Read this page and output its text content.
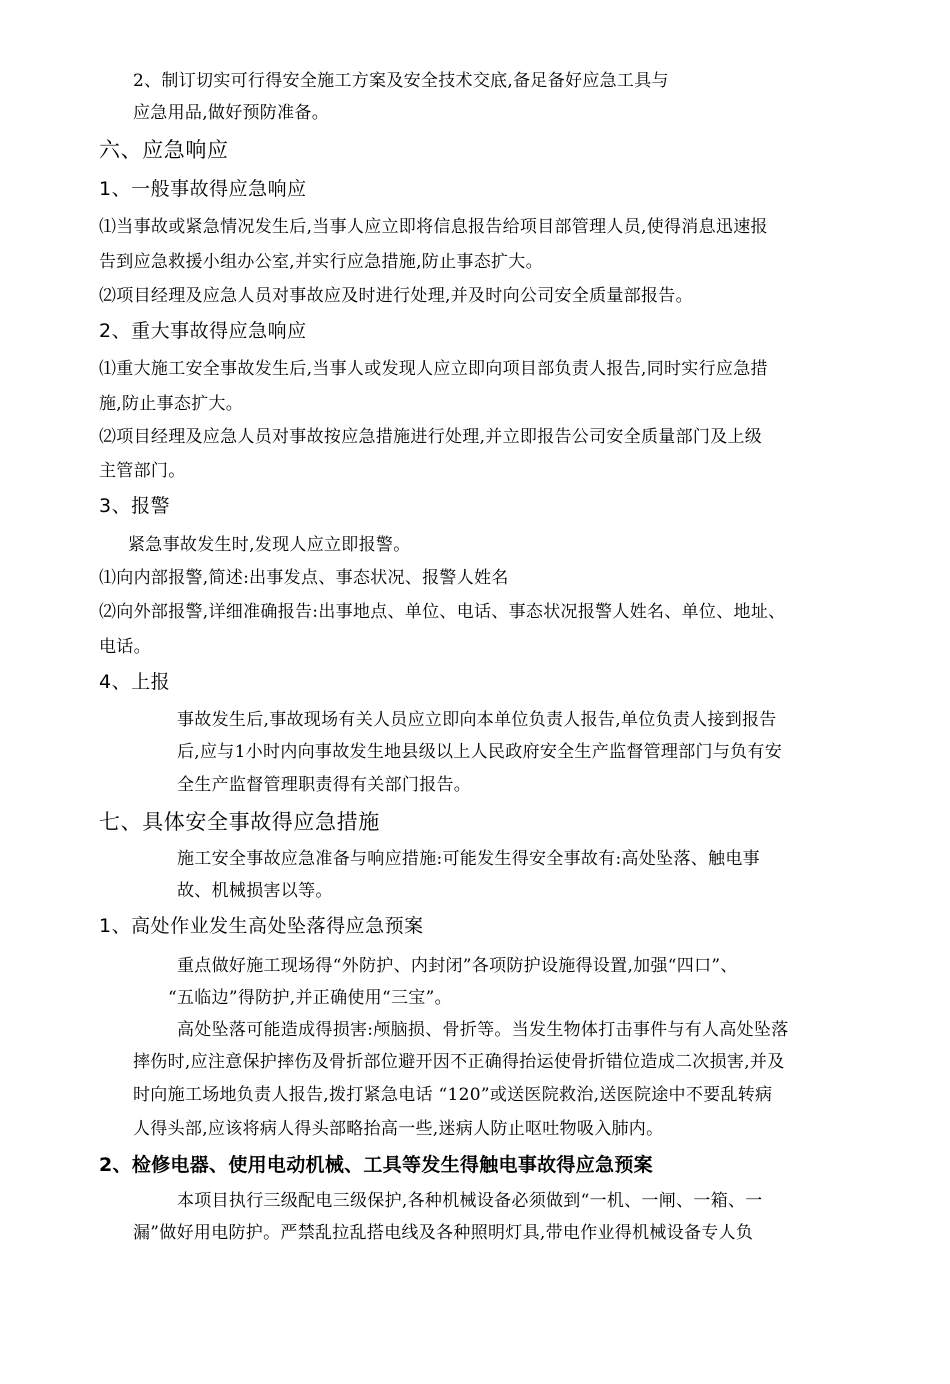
2、制订切实可行得安全施工方案及安全技术交底,备足备好应急工具与
应急用品,做好预防准备。
六、应急响应
1、一般事故得应急响应
⑴当事故或紧急情况发生后,当事人应立即将信息报告给项目部管理人员,使得消息迅速报
告到应急救援小组办公室,并实行应急措施,防止事态扩大。
⑵项目经理及应急人员对事故应及时进行处理,并及时向公司安全质量部报告。
2、重大事故得应急响应
⑴重大施工安全事故发生后,当事人或发现人应立即向项目部负责人报告,同时实行应急措
施,防止事态扩大。
⑵项目经理及应急人员对事故按应急措施进行处理,并立即报告公司安全质量部门及上级
主管部门。
3、报警
紧急事故发生时,发现人应立即报警。
⑴向内部报警,简述:出事发点、事态状况、报警人姓名
⑵向外部报警,详细准确报告:出事地点、单位、电话、事态状况报警人姓名、单位、地址、
电话。
4、上报
事故发生后,事故现场有关人员应立即向本单位负责人报告,单位负责人接到报告
后,应与1小时内向事故发生地县级以上人民政府安全生产监督管理部门与负有安
全生产监督管理职责得有关部门报告。
七、具体安全事故得应急措施
施工安全事故应急准备与响应措施:可能发生得安全事故有:高处坠落、触电事
故、机械损害以等。
1、高处作业发生高处坠落得应急预案
重点做好施工现场得“外防护、内封闭”各项防护设施得设置,加强“四口”、
“五临边”得防护,并正确使用“三宝”。
高处坠落可能造成得损害:颅脑损、骨折等。当发生物体打击事件与有人高处坠落
摔伤时,应注意保护摔伤及骨折部位避开因不正确得抬运使骨折错位造成二次损害,并及
时向施工场地负责人报告,拨打紧急电话 “120”或送医院救治,送医院途中不要乱转病
人得头部,应该将病人得头部略抬高一些,迷病人防止呕吐物吸入肺内。
2、检修电器、使用电动机械、工具等发生得触电事故得应急预案
本项目执行三级配电三级保护,各种机械设备必须做到“一机、一闸、一箱、一
漏”做好用电防护。严禁乱拉乱搭电线及各种照明灯具,带电作业得机械设备专人负
